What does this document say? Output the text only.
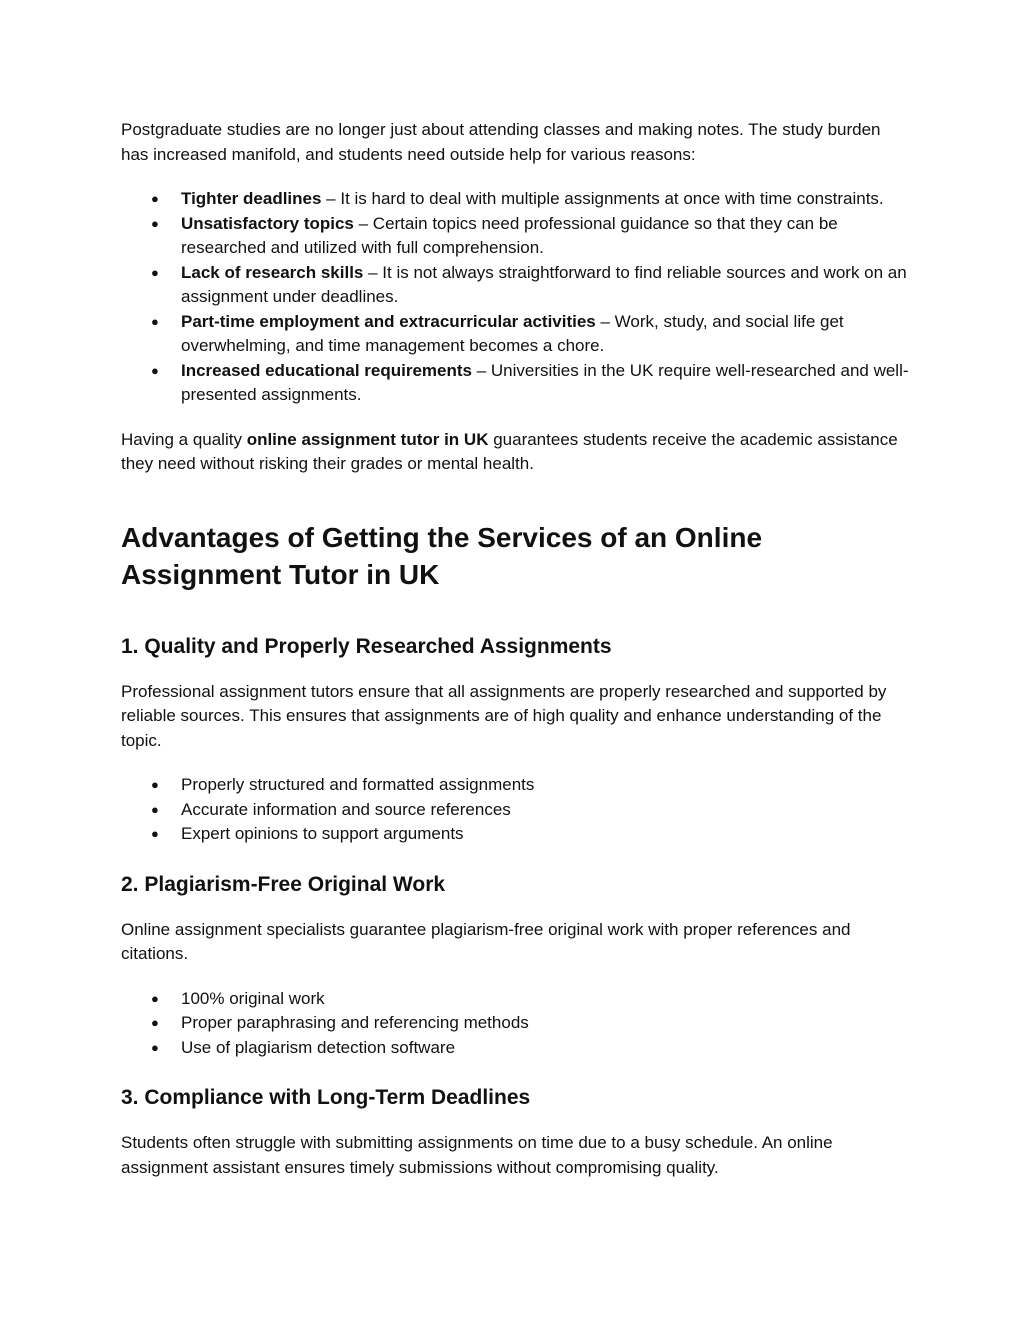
Postgraduate studies are no longer just about attending classes and making notes. The study burden has increased manifold, and students need outside help for various reasons:

● Tighter deadlines – It is hard to deal with multiple assignments at once with time constraints.
● Unsatisfactory topics – Certain topics need professional guidance so that they can be researched and utilized with full comprehension.
● Lack of research skills – It is not always straightforward to find reliable sources and work on an assignment under deadlines.
● Part-time employment and extracurricular activities – Work, study, and social life get overwhelming, and time management becomes a chore.
● Increased educational requirements – Universities in the UK require well-researched and well-presented assignments.

Having a quality online assignment tutor in UK guarantees students receive the academic assistance they need without risking their grades or mental health.

Advantages of Getting the Services of an Online Assignment Tutor in UK
1. Quality and Properly Researched Assignments

Professional assignment tutors ensure that all assignments are properly researched and supported by reliable sources. This ensures that assignments are of high quality and enhance understanding of the topic.

● Properly structured and formatted assignments
● Accurate information and source references
● Expert opinions to support arguments
2. Plagiarism-Free Original Work

Online assignment specialists guarantee plagiarism-free original work with proper references and citations.

● 100% original work
● Proper paraphrasing and referencing methods
● Use of plagiarism detection software
3. Compliance with Long-Term Deadlines

Students often struggle with submitting assignments on time due to a busy schedule. An online assignment assistant ensures timely submissions without compromising quality.
